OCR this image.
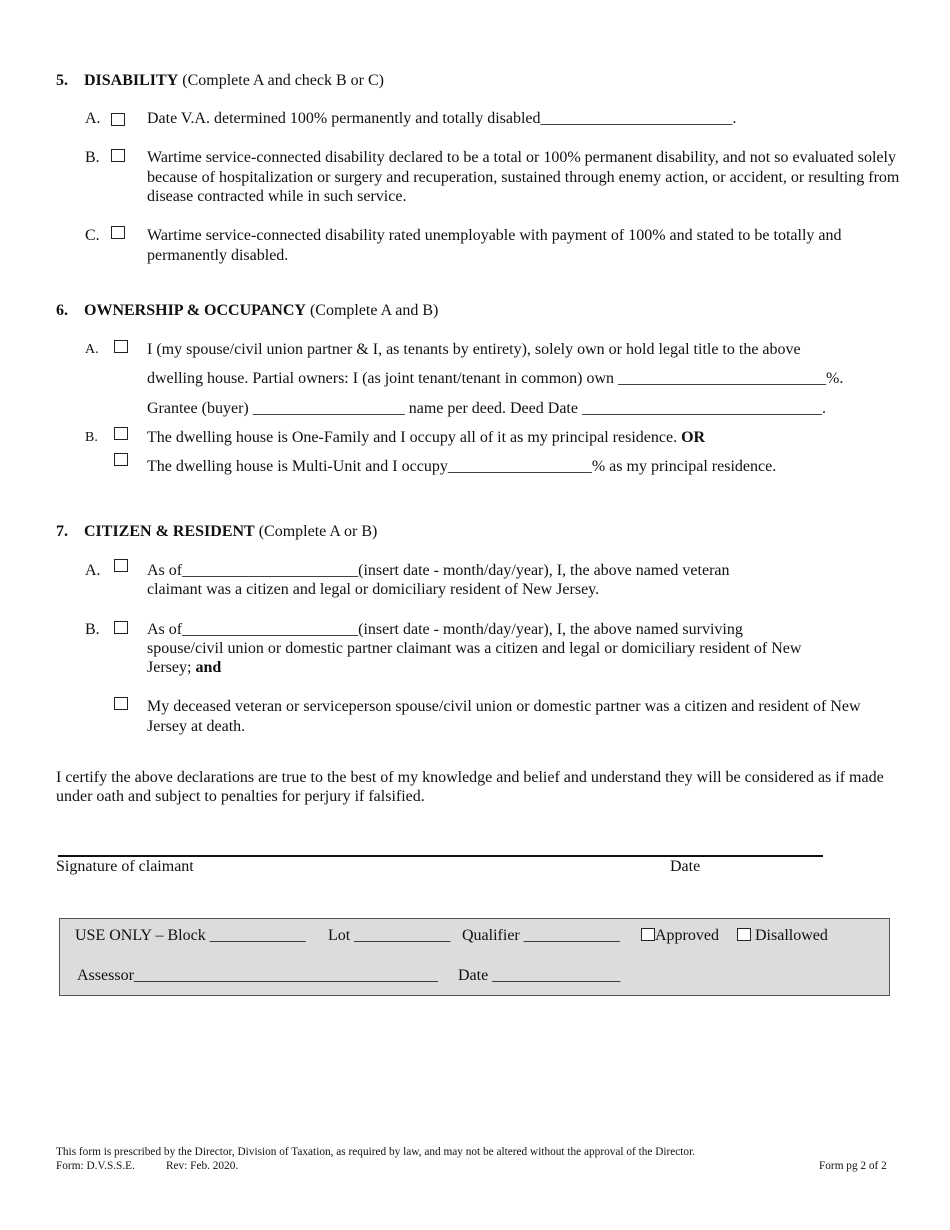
5. DISABILITY (Complete A and check B or C)
A.	Date V.A. determined 100% permanently and totally disabled________________________.
B.	Wartime service-connected disability declared to be a total or 100% permanent disability, and not so evaluated solely because of hospitalization or surgery and recuperation, sustained through enemy action, or accident, or resulting from disease contracted while in such service.
C.	Wartime service-connected disability rated unemployable with payment of 100% and stated to be totally and permanently disabled.
6. OWNERSHIP & OCCUPANCY (Complete A and B)
A.	I (my spouse/civil union partner & I, as tenants by entirety), solely own or hold legal title to the above
dwelling house. Partial owners: I (as joint tenant/tenant in common) own __________________________%.
Grantee (buyer) ___________________ name per deed. Deed Date ______________________________.
B.	The dwelling house is One-Family and I occupy all of it as my principal residence. OR
The dwelling house is Multi-Unit and I occupy__________________% as my principal residence.
7. CITIZEN & RESIDENT (Complete A or B)
A.	As of______________________(insert date - month/day/year), I, the above named veteran
claimant was a citizen and legal or domiciliary resident of New Jersey.
B.	As of______________________(insert date - month/day/year), I, the above named surviving
spouse/civil union or domestic partner claimant was a citizen and legal or domiciliary resident of New
Jersey; and
My deceased veteran or serviceperson spouse/civil union or domestic partner was a citizen and resident of New Jersey at death.
I certify the above declarations are true to the best of my knowledge and belief and understand they will be considered as if made under oath and subject to penalties for perjury if falsified.
Signature of claimant	Date
USE ONLY – Block ____________ Lot ____________ Qualifier ____________	Approved	Disallowed
Assessor______________________________________ Date ________________
This form is prescribed by the Director, Division of Taxation, as required by law, and may not be altered without the approval of the Director.
Form: D.V.S.S.E.	Rev: Feb. 2020.	Form pg 2 of 2
